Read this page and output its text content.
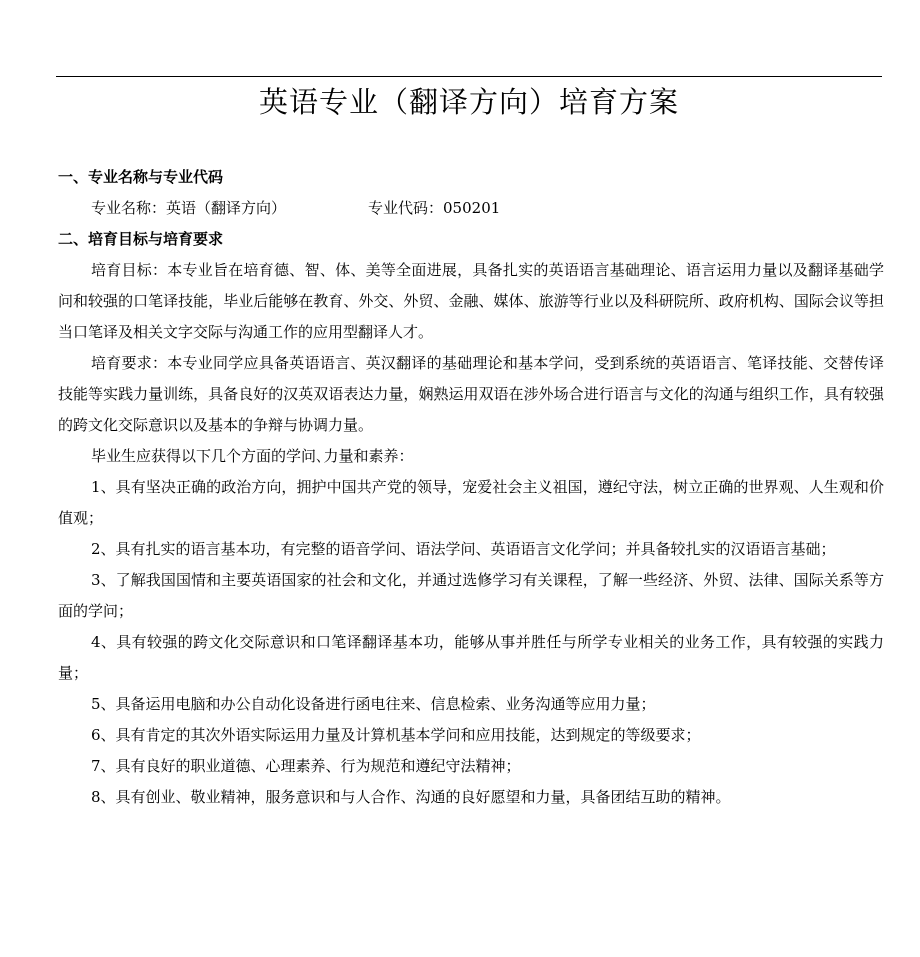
英语专业（翻译方向）培育方案
一、专业名称与专业代码
专业名称：英语（翻译方向）	专业代码：050201
二、培育目标与培育要求

培育目标：本专业旨在培育德、智、体、美等全面进展，具备扎实的英语语言基础理论、语言运用力量以及翻译基础学问和较强的口笔译技能，毕业后能够在教育、外交、外贸、金融、媒体、旅游等行业以及科研院所、政府机构、国际会议等担当口笔译及相关文字交际与沟通工作的应用型翻译人才。

培育要求：本专业同学应具备英语语言、英汉翻译的基础理论和基本学问，受到系统的英语语言、笔译技能、交替传译技能等实践力量训练，具备良好的汉英双语表达力量，娴熟运用双语在涉外场合进行语言与文化的沟通与组织工作，具有较强的跨文化交际意识以及基本的争辩与协调力量。

毕业生应获得以下几个方面的学问､力量和素养：

1、具有坚决正确的政治方向，拥护中国共产党的领导，宠爱社会主义祖国，遵纪守法，树立正确的世界观、人生观和价值观；

2、具有扎实的语言基本功，有完整的语音学问、语法学问、英语语言文化学问；并具备较扎实的汉语语言基础；

3、了解我国国情和主要英语国家的社会和文化，并通过选修学习有关课程，了解一些经济、外贸、法律、国际关系等方面的学问；

4、具有较强的跨文化交际意识和口笔译翻译基本功，能够从事并胜任与所学专业相关的业务工作，具有较强的实践力量；

5、具备运用电脑和办公自动化设备进行函电往来、信息检索、业务沟通等应用力量；

6、具有肯定的其次外语实际运用力量及计算机基本学问和应用技能，达到规定的等级要求；

7、具有良好的职业道德、心理素养、行为规范和遵纪守法精神；

8、具有创业、敬业精神，服务意识和与人合作、沟通的良好愿望和力量，具备团结互助的精神。
